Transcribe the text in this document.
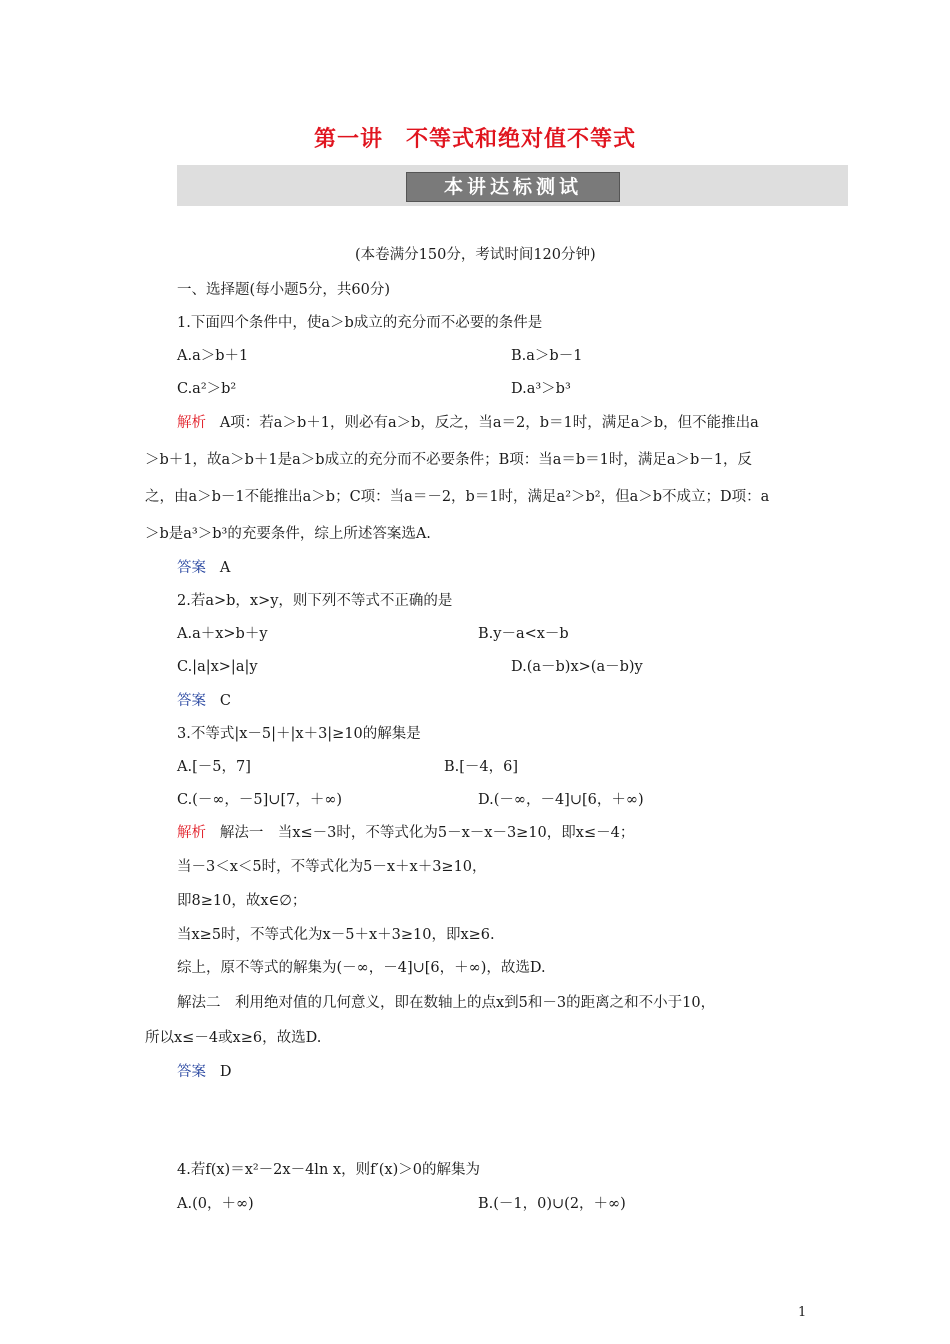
第一讲　不等式和绝对值不等式
本讲达标测试
(本卷满分150分，考试时间120分钟)
一、选择题(每小题5分，共60分)
1.下面四个条件中，使a＞b成立的充分而不必要的条件是
A.a＞b＋1	B.a＞b－1
C.a²＞b²	D.a³＞b³
解析 A项：若a＞b＋1，则必有a＞b，反之，当a＝2，b＝1时，满足a＞b，但不能推出a
＞b＋1，故a＞b＋1是a＞b成立的充分而不必要条件；B项：当a＝b＝1时，满足a＞b－1，反
之，由a＞b－1不能推出a＞b；C项：当a＝－2，b＝1时，满足a²＞b²，但a＞b不成立；D项：a
＞b是a³＞b³的充要条件，综上所述答案选A.
答案 A
2.若a>b，x>y，则下列不等式不正确的是
A.a＋x>b＋y	B.y－a<x－b
C.|a|x>|a|y	D.(a－b)x>(a－b)y
答案 C
3.不等式|x－5|＋|x＋3|≥10的解集是
A.[－5，7]	B.[－4，6]
C.(－∞，－5]∪[7，＋∞)	D.(－∞，－4]∪[6，＋∞)
解析 解法一　当x≤－3时，不等式化为5－x－x－3≥10，即x≤－4；
当－3＜x＜5时，不等式化为5－x＋x＋3≥10，
即8≥10，故x∈∅；
当x≥5时，不等式化为x－5＋x＋3≥10，即x≥6.
综上，原不等式的解集为(－∞，－4]∪[6，＋∞)，故选D.
解法二　利用绝对值的几何意义，即在数轴上的点x到5和－3的距离之和不小于10，
所以x≤－4或x≥6，故选D.
答案 D
4.若f(x)＝x²－2x－4ln x，则f′(x)＞0的解集为
A.(0，＋∞)	B.(－1，0)∪(2，＋∞)
1
